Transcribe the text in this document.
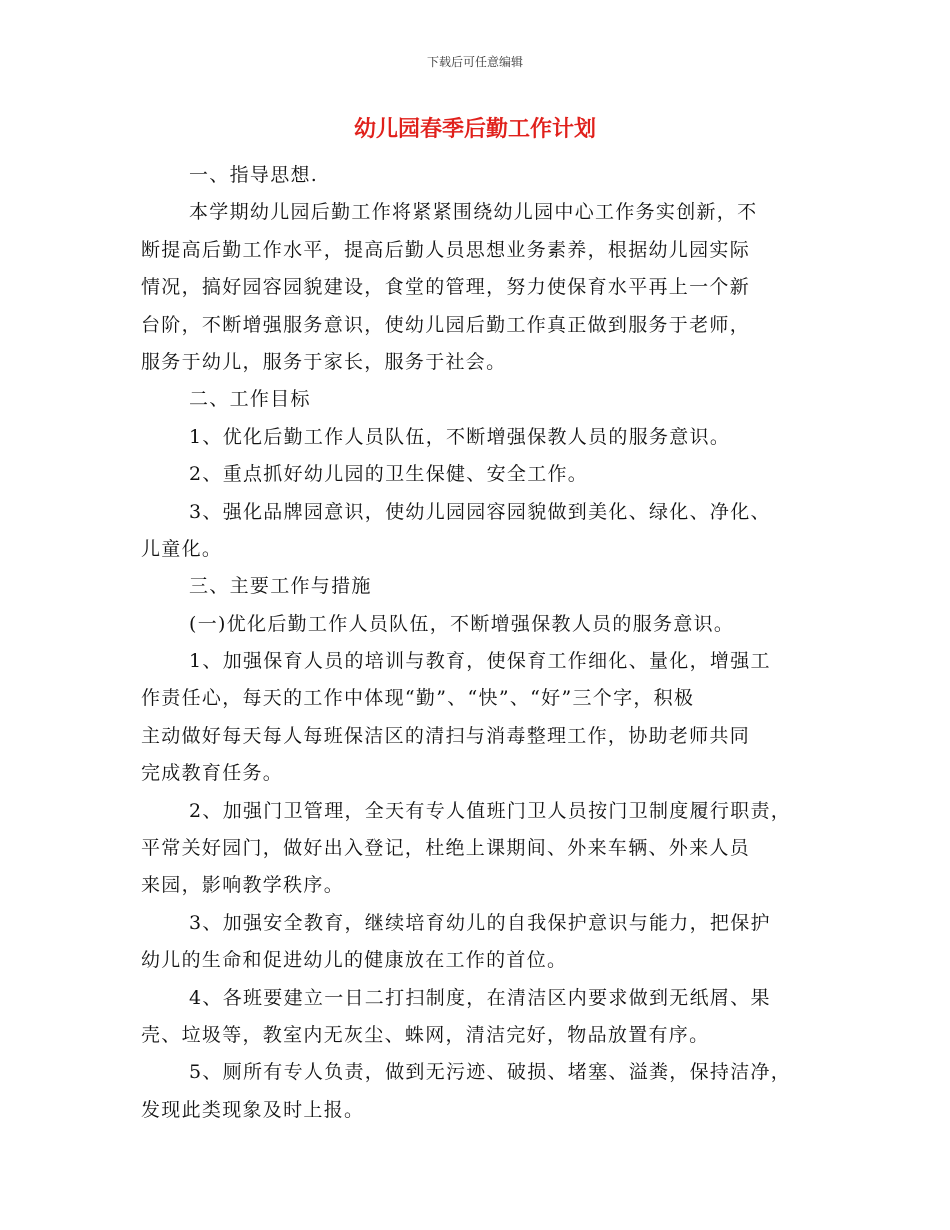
下载后可任意编辑
幼儿园春季后勤工作计划
一、指导思想.
本学期幼儿园后勤工作将紧紧围绕幼儿园中心工作务实创新，不
断提高后勤工作水平，提高后勤人员思想业务素养，根据幼儿园实际
情况，搞好园容园貌建设，食堂的管理，努力使保育水平再上一个新
台阶，不断增强服务意识，使幼儿园后勤工作真正做到服务于老师，
服务于幼儿，服务于家长，服务于社会。
二、工作目标
1、优化后勤工作人员队伍，不断增强保教人员的服务意识。
2、重点抓好幼儿园的卫生保健、安全工作。
3、强化品牌园意识，使幼儿园园容园貌做到美化、绿化、净化、
儿童化。
三、主要工作与措施
(一)优化后勤工作人员队伍，不断增强保教人员的服务意识。
1、加强保育人员的培训与教育，使保育工作细化、量化，增强工
作责任心，每天的工作中体现“勤”、“快”、“好”三个字，积极
主动做好每天每人每班保洁区的清扫与消毒整理工作，协助老师共同
完成教育任务。
2、加强门卫管理，全天有专人值班门卫人员按门卫制度履行职责，
平常关好园门，做好出入登记，杜绝上课期间、外来车辆、外来人员
来园，影响教学秩序。
3、加强安全教育，继续培育幼儿的自我保护意识与能力，把保护
幼儿的生命和促进幼儿的健康放在工作的首位。
4、各班要建立一日二打扫制度，在清洁区内要求做到无纸屑、果
壳、垃圾等，教室内无灰尘、蛛网，清洁完好，物品放置有序。
5、厕所有专人负责，做到无污迹、破损、堵塞、溢粪，保持洁净，
发现此类现象及时上报。
